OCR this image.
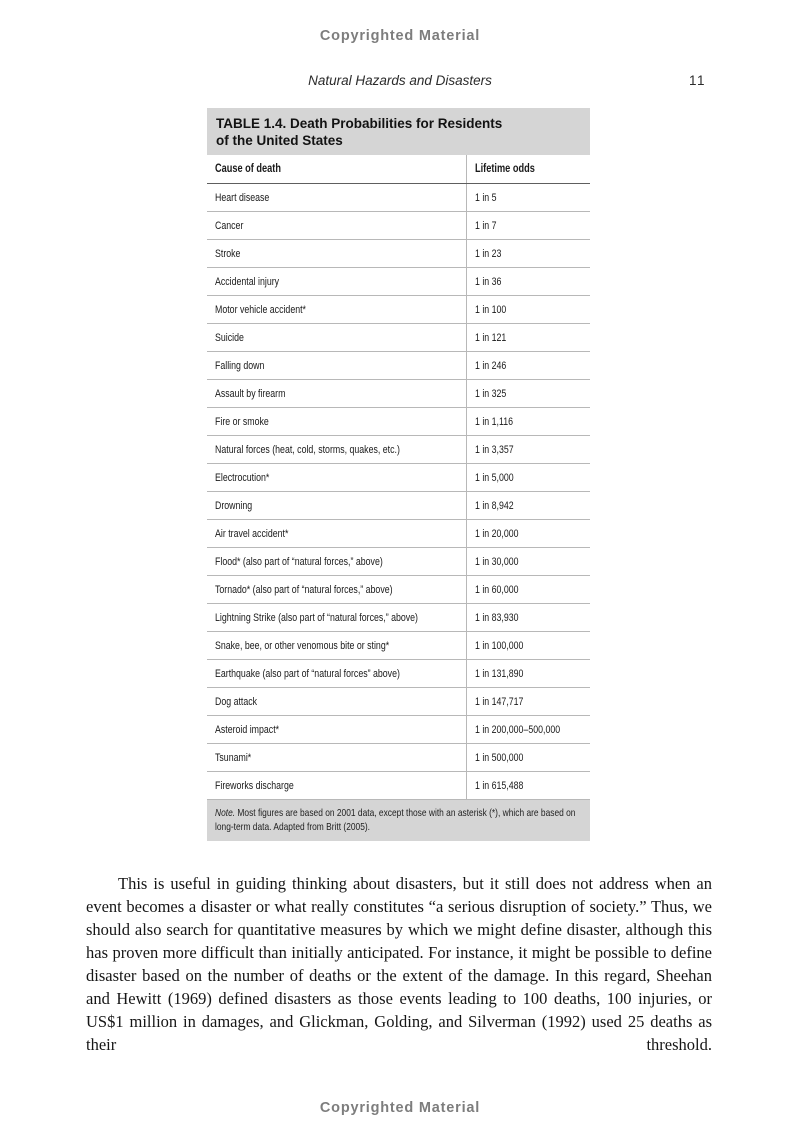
Copyrighted Material
Natural Hazards and Disasters	11
TABLE 1.4. Death Probabilities for Residents
of the United States
Cause of death	Lifetime odds
Heart disease	1 in 5
Cancer	1 in 7
Stroke	1 in 23
Accidental injury	1 in 36
Motor vehicle accident*	1 in 100
Suicide	1 in 121
Falling down	1 in 246
Assault by firearm	1 in 325
Fire or smoke	1 in 1,116
Natural forces (heat, cold, storms, quakes, etc.)	1 in 3,357
Electrocution*	1 in 5,000
Drowning	1 in 8,942
Air travel accident*	1 in 20,000
Flood* (also part of “natural forces,” above)	1 in 30,000
Tornado* (also part of “natural forces,” above)	1 in 60,000
Lightning Strike (also part of “natural forces,” above)	1 in 83,930
Snake, bee, or other venomous bite or sting*	1 in 100,000
Earthquake (also part of “natural forces” above)	1 in 131,890
Dog attack	1 in 147,717
Asteroid impact*	1 in 200,000–500,000
Tsunami*	1 in 500,000
Fireworks discharge	1 in 615,488
Note. Most figures are based on 2001 data, except those with an asterisk (*), which are based on long-term data. Adapted from Britt (2005).

This is useful in guiding thinking about disasters, but it still does not address when an event becomes a disaster or what really constitutes “a serious disruption of society.” Thus, we should also search for quantitative measures by which we might define disaster, although this has proven more difficult than initially anticipated. For instance, it might be possible to define disaster based on the number of deaths or the extent of the damage. In this regard, Sheehan and Hewitt (1969) defined disasters as those events leading to 100 deaths, 100 injuries, or US$1 million in damages, and Glickman, Golding, and Silverman (1992) used 25 deaths as their threshold.

Copyrighted Material
